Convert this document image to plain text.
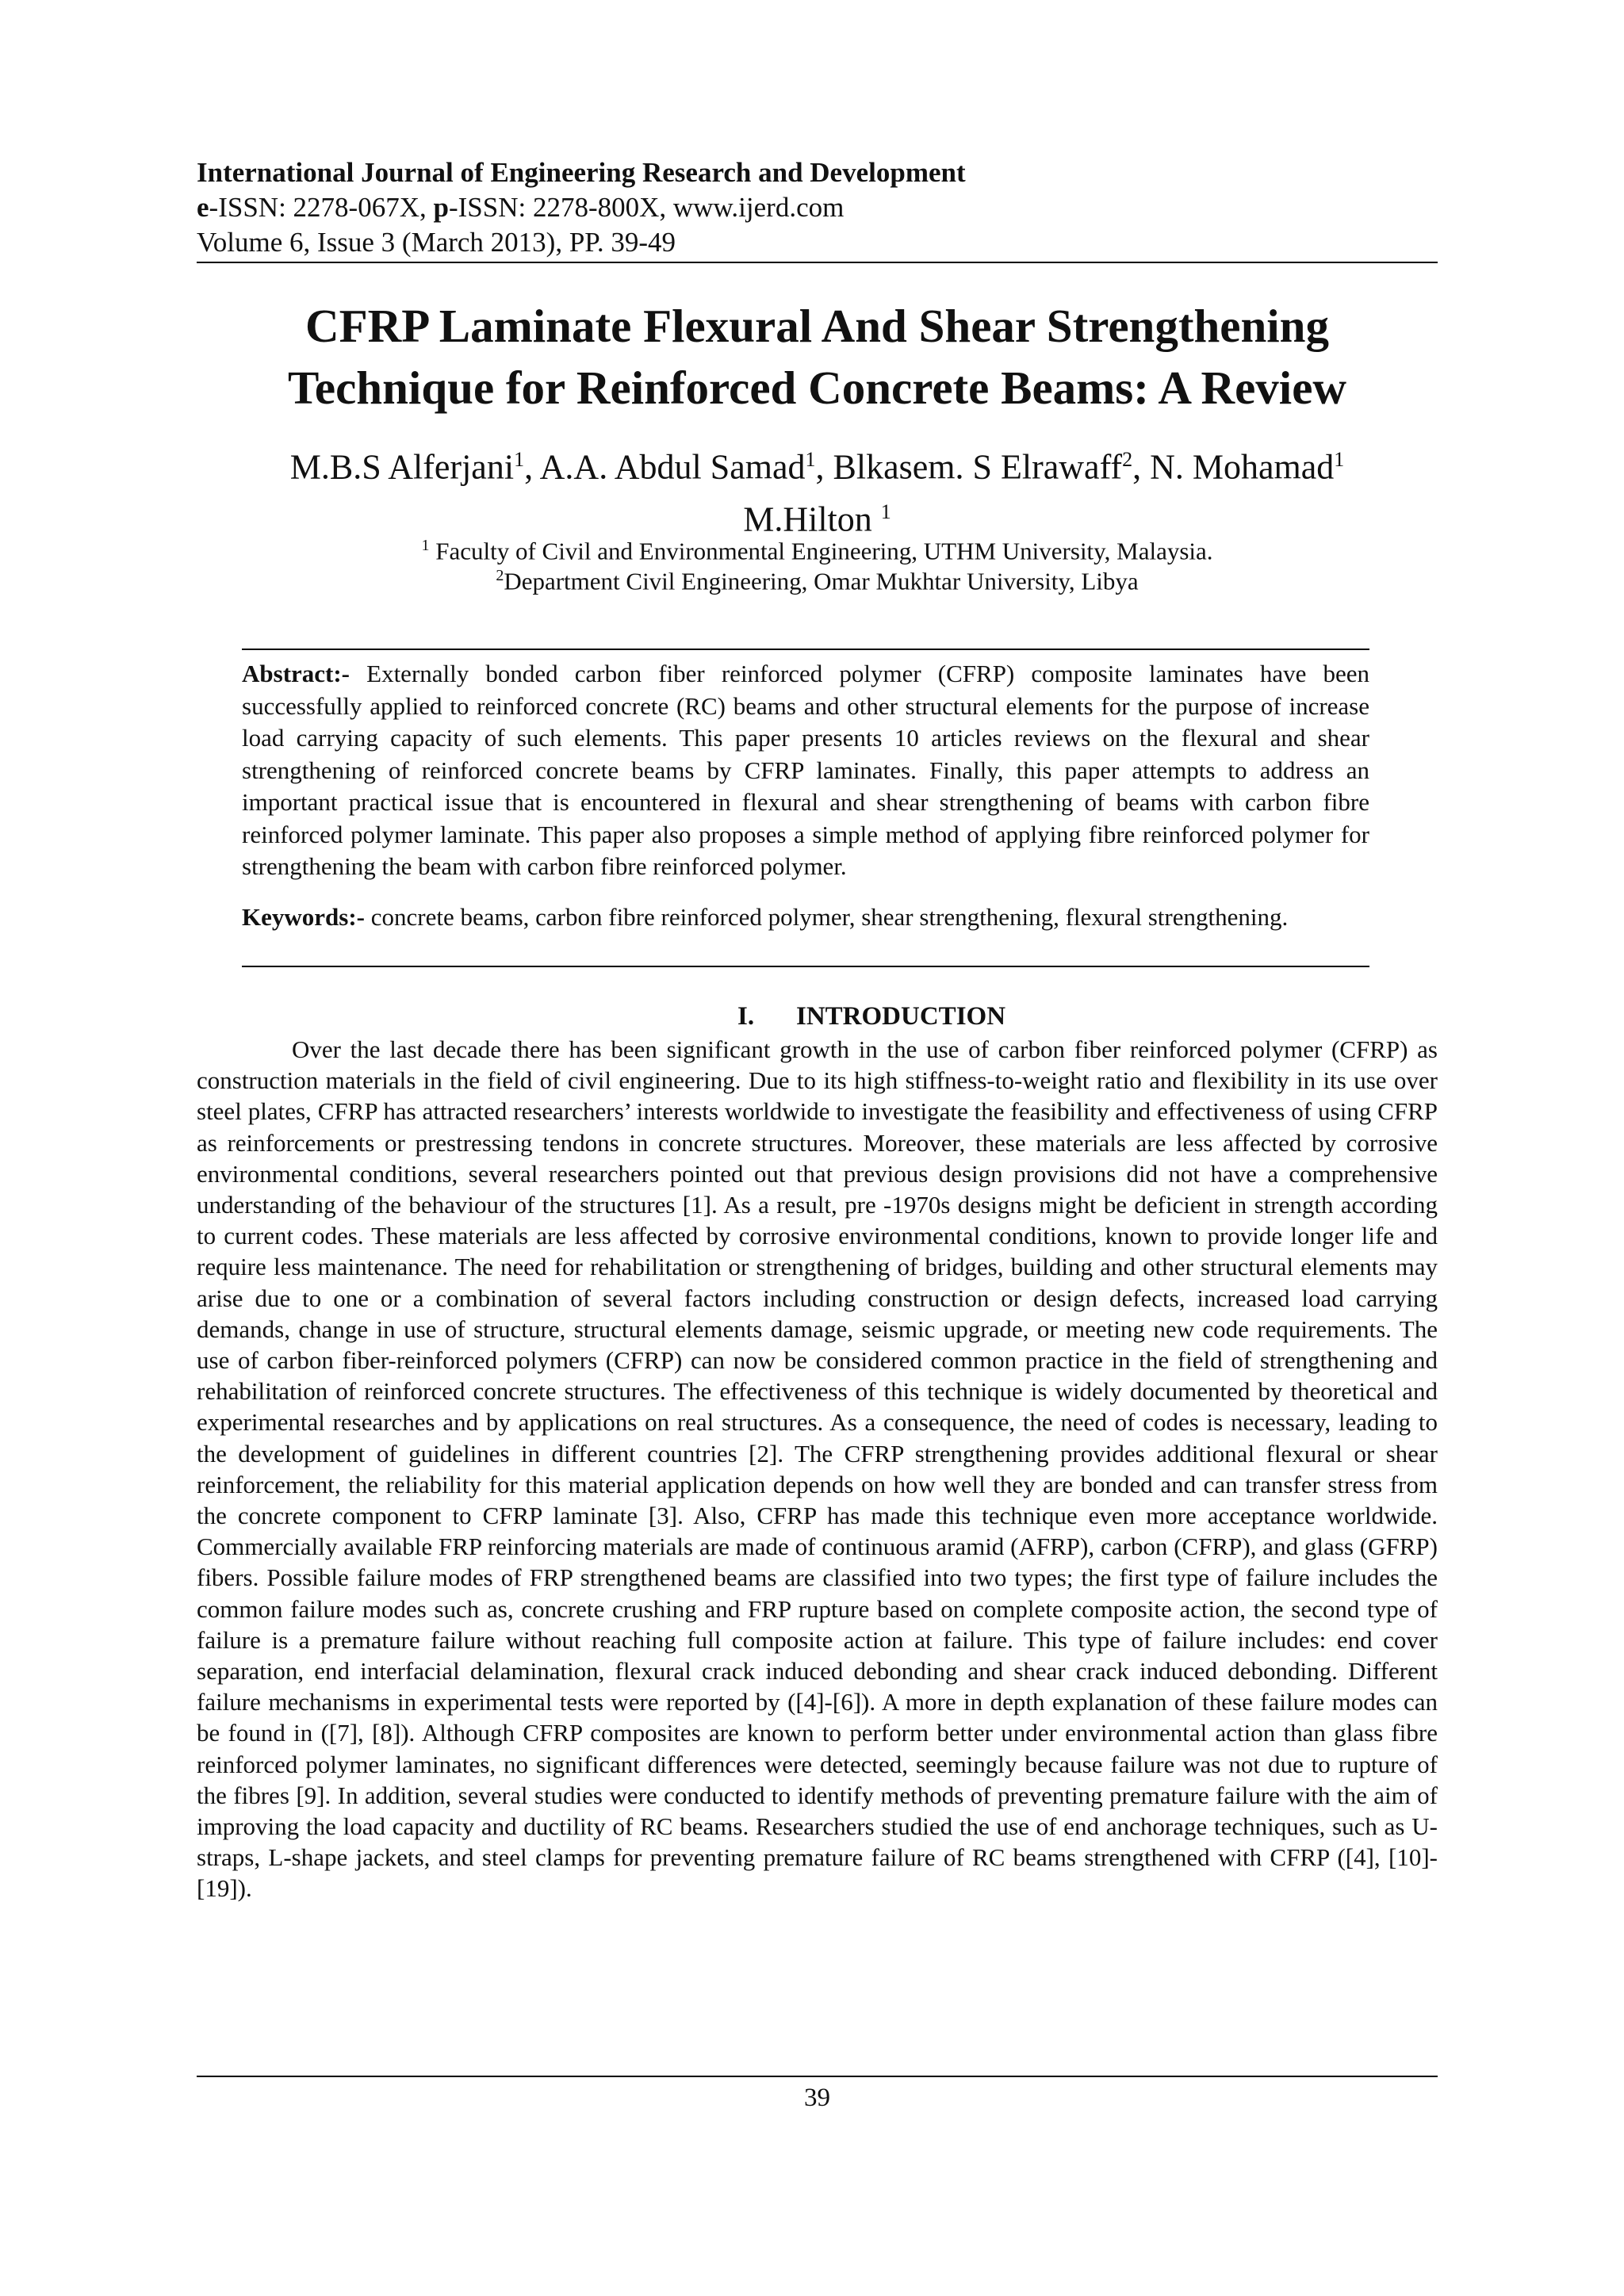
International Journal of Engineering Research and Development
e-ISSN: 2278-067X, p-ISSN: 2278-800X, www.ijerd.com
Volume 6, Issue 3 (March 2013), PP. 39-49
CFRP Laminate Flexural And Shear Strengthening
Technique for Reinforced Concrete Beams: A Review
M.B.S Alferjani$^1$, A.A. Abdul Samad$^1$, Blkasem. S Elrawaff$^2$, N. Mohamad$^1$
M.Hilton $^1$
$^1$ Faculty of Civil and Environmental Engineering, UTHM University, Malaysia.
$^2$Department Civil Engineering, Omar Mukhtar University, Libya
Abstract:- Externally bonded carbon fiber reinforced polymer (CFRP) composite laminates have been successfully applied to reinforced concrete (RC) beams and other structural elements for the purpose of increase load carrying capacity of such elements. This paper presents 10 articles reviews on the flexural and shear strengthening of reinforced concrete beams by CFRP laminates. Finally, this paper attempts to address an important practical issue that is encountered in flexural and shear strengthening of beams with carbon fibre reinforced polymer laminate. This paper also proposes a simple method of applying fibre reinforced polymer for strengthening the beam with carbon fibre reinforced polymer.
Keywords:- concrete beams, carbon fibre reinforced polymer, shear strengthening, flexural strengthening.
I. INTRODUCTION

Over the last decade there has been significant growth in the use of carbon fiber reinforced polymer (CFRP) as construction materials in the field of civil engineering. Due to its high stiffness-to-weight ratio and flexibility in its use over steel plates, CFRP has attracted researchers’ interests worldwide to investigate the feasibility and effectiveness of using CFRP as reinforcements or prestressing tendons in concrete structures. Moreover, these materials are less affected by corrosive environmental conditions, several researchers pointed out that previous design provisions did not have a comprehensive understanding of the behaviour of the structures [1]. As a result, pre -1970s designs might be deficient in strength according to current codes. These materials are less affected by corrosive environmental conditions, known to provide longer life and require less maintenance. The need for rehabilitation or strengthening of bridges, building and other structural elements may arise due to one or a combination of several factors including construction or design defects, increased load carrying demands, change in use of structure, structural elements damage, seismic upgrade, or meeting new code requirements. The use of carbon fiber-reinforced polymers (CFRP) can now be considered common practice in the field of strengthening and rehabilitation of reinforced concrete structures. The effectiveness of this technique is widely documented by theoretical and experimental researches and by applications on real structures. As a consequence, the need of codes is necessary, leading to the development of guidelines in different countries [2]. The CFRP strengthening provides additional flexural or shear reinforcement, the reliability for this material application depends on how well they are bonded and can transfer stress from the concrete component to CFRP laminate [3]. Also, CFRP has made this technique even more acceptance worldwide. Commercially available FRP reinforcing materials are made of continuous aramid (AFRP), carbon (CFRP), and glass (GFRP) fibers. Possible failure modes of FRP strengthened beams are classified into two types; the first type of failure includes the common failure modes such as, concrete crushing and FRP rupture based on complete composite action, the second type of failure is a premature failure without reaching full composite action at failure. This type of failure includes: end cover separation, end interfacial delamination, flexural crack induced debonding and shear crack induced debonding. Different failure mechanisms in experimental tests were reported by ([4]-[6]). A more in depth explanation of these failure modes can be found in ([7], [8]). Although CFRP composites are known to perform better under environmental action than glass fibre reinforced polymer laminates, no significant differences were detected, seemingly because failure was not due to rupture of the fibres [9]. In addition, several studies were conducted to identify methods of preventing premature failure with the aim of improving the load capacity and ductility of RC beams. Researchers studied the use of end anchorage techniques, such as U-straps, L-shape jackets, and steel clamps for preventing premature failure of RC beams strengthened with CFRP ([4], [10]-[19]).

39
